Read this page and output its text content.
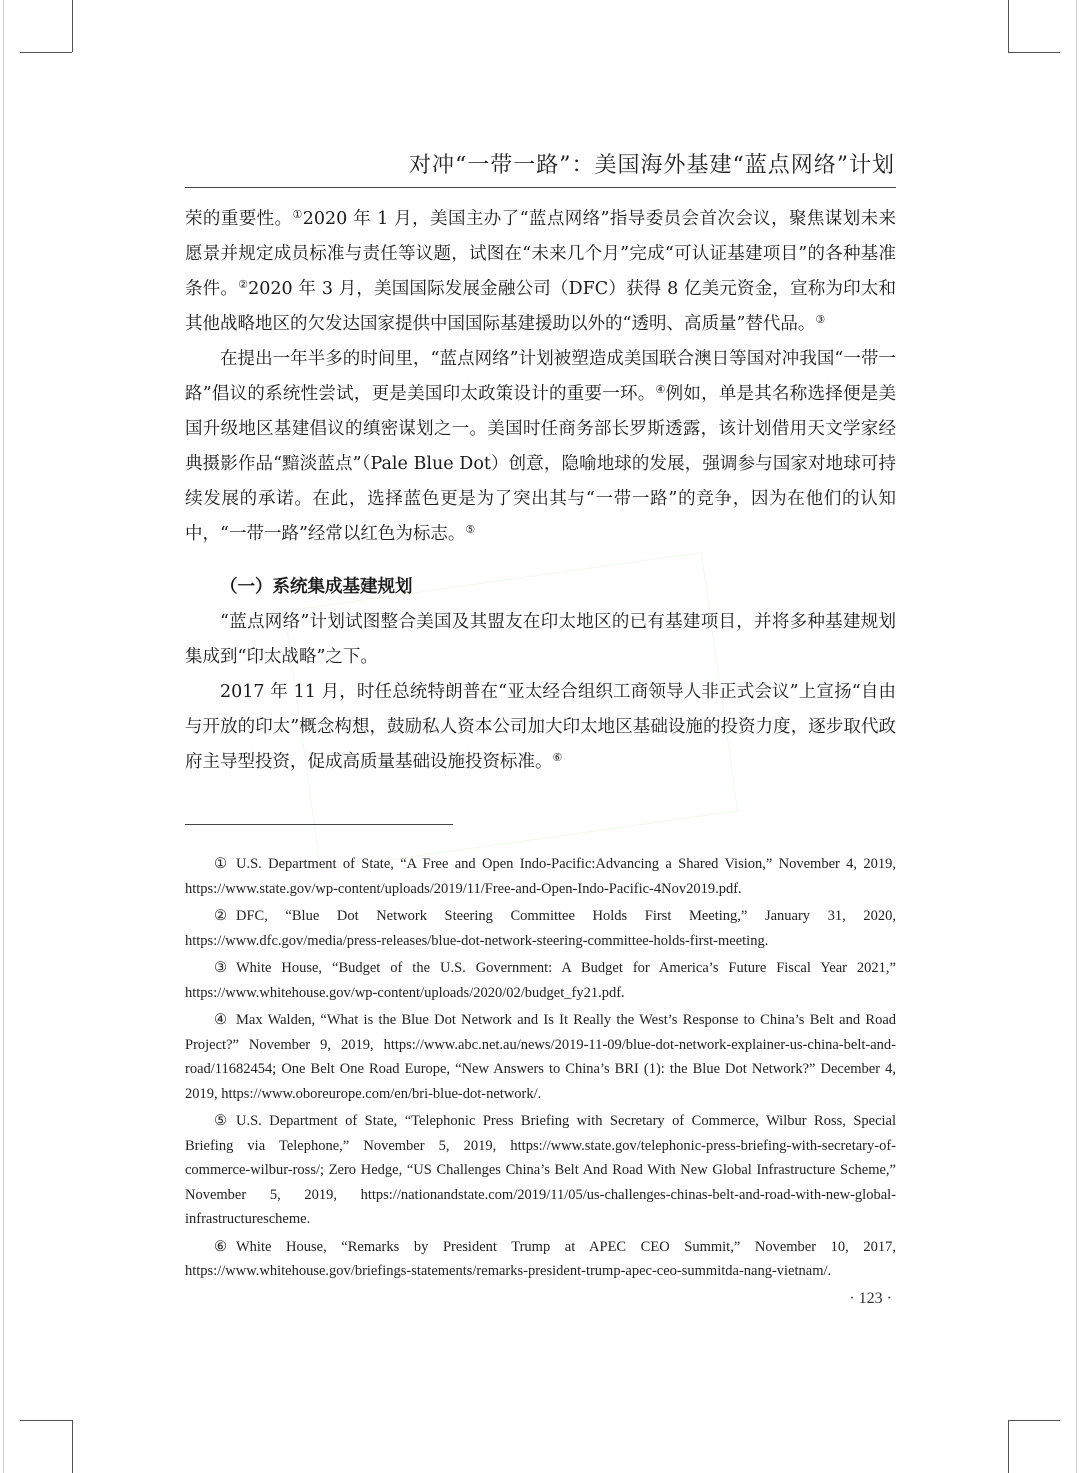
对冲“一带一路”：美国海外基建“蓝点网络”计划

荣的重要性。①2020 年 1 月，美国主办了“蓝点网络”指导委员会首次会议，聚焦谋划未来愿景并规定成员标准与责任等议题，试图在“未来几个月”完成“可认证基建项目”的各种基准条件。②2020 年 3 月，美国国际发展金融公司（DFC）获得 8 亿美元资金，宣称为印太和其他战略地区的欠发达国家提供中国国际基建援助以外的“透明、高质量”替代品。③

在提出一年半多的时间里，“蓝点网络”计划被塑造成美国联合澳日等国对冲我国“一带一路”倡议的系统性尝试，更是美国印太政策设计的重要一环。④例如，单是其名称选择便是美国升级地区基建倡议的缜密谋划之一。美国时任商务部长罗斯透露，该计划借用天文学家经典摄影作品“黯淡蓝点”（Pale Blue Dot）创意，隐喻地球的发展，强调参与国家对地球可持续发展的承诺。在此，选择蓝色更是为了突出其与“一带一路”的竞争，因为在他们的认知中，“一带一路”经常以红色为标志。⑤

（一）系统集成基建规划

“蓝点网络”计划试图整合美国及其盟友在印太地区的已有基建项目，并将多种基建规划集成到“印太战略”之下。

2017 年 11 月，时任总统特朗普在“亚太经合组织工商领导人非正式会议”上宣扬“自由与开放的印太”概念构想，鼓励私人资本公司加大印太地区基础设施的投资力度，逐步取代政府主导型投资，促成高质量基础设施投资标准。⑥

① U.S. Department of State, “A Free and Open Indo-Pacific:Advancing a Shared Vision,” November 4, 2019, https://www.state.gov/wp-content/uploads/2019/11/Free-and-Open-Indo-Pacific-4Nov2019.pdf.

② DFC, “Blue Dot Network Steering Committee Holds First Meeting,” January 31, 2020, https://www.dfc.gov/media/press-releases/blue-dot-network-steering-committee-holds-first-meeting.

③ White House, “Budget of the U.S. Government: A Budget for America’s Future Fiscal Year 2021,” https://www.whitehouse.gov/wp-content/uploads/2020/02/budget_fy21.pdf.

④ Max Walden, “What is the Blue Dot Network and Is It Really the West’s Response to China’s Belt and Road Project?” November 9, 2019, https://www.abc.net.au/news/2019-11-09/blue-dot-network-explainer-us-china-belt-and-road/11682454; One Belt One Road Europe, “New Answers to China’s BRI (1): the Blue Dot Network?” December 4, 2019, https://www.oboreurope.com/en/bri-blue-dot-network/.

⑤ U.S. Department of State, “Telephonic Press Briefing with Secretary of Commerce, Wilbur Ross, Special Briefing via Telephone,” November 5, 2019, https://www.state.gov/telephonic-press-briefing-with-secretary-of-commerce-wilbur-ross/; Zero Hedge, “US Challenges China’s Belt And Road With New Global Infrastructure Scheme,” November 5, 2019, https://nationandstate.com/2019/11/05/us-challenges-chinas-belt-and-road-with-new-global-infrastructurescheme.

⑥ White House, “Remarks by President Trump at APEC CEO Summit,” November 10, 2017, https://www.whitehouse.gov/briefings-statements/remarks-president-trump-apec-ceo-summitda-nang-vietnam/.

· 123 ·
